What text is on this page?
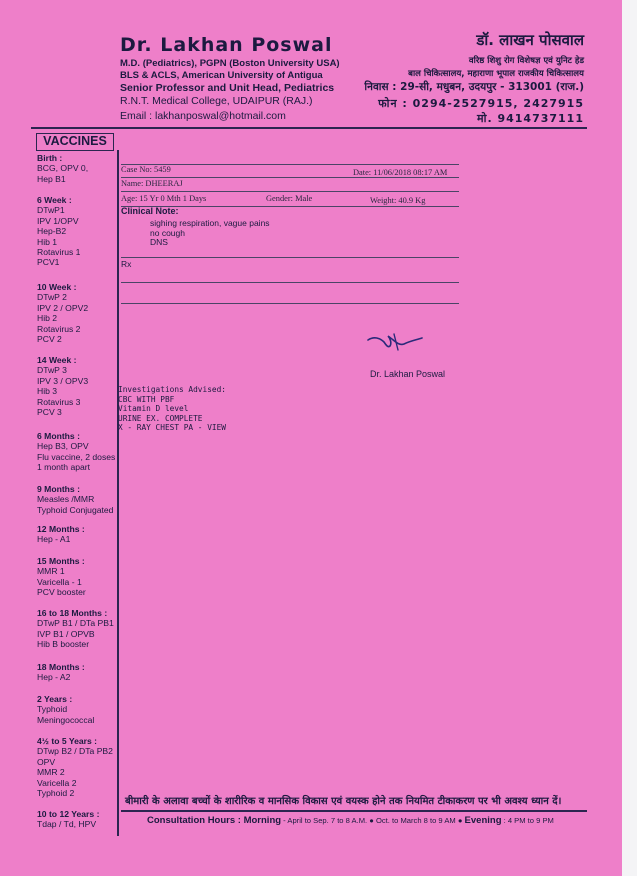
Dr. Lakhan Poswal
M.D. (Pediatrics), PGPN (Boston University USA)
BLS & ACLS, American University of Antigua
Senior Professor and Unit Head, Pediatrics
R.N.T. Medical College, UDAIPUR (RAJ.)
Email : lakhanposwal@hotmail.com
डॉ. लाखन पोसवाल
वरिष्ठ शिशु रोग विशेषज्ञ एवं युनिट हेड
बाल चिकित्सालय, महाराणा भूपाल राजकीय चिकित्सालय
निवास : 29-सी, मधुबन, उदयपुर - 313001 (राज.)
फोन : 0294-2527915, 2427915
मो. 9414737111
VACCINES
Birth :
BCG, OPV 0,
Hep B1
6 Week :
DTwP1
IPV 1/OPV
Hep-B2
Hib 1
Rotavirus 1
PCV1
10 Week :
DTwP 2
IPV 2 / OPV2
Hib 2
Rotavirus 2
PCV 2
14 Week :
DTwP 3
IPV 3 / OPV3
Hib 3
Rotavirus 3
PCV 3
6 Months :
Hep B3, OPV
Flu vaccine, 2 doses
1 month apart
9 Months :
Measles /MMR
Typhoid Conjugated
12 Months :
Hep - A1
15 Months :
MMR 1
Varicella - 1
PCV booster
16 to 18 Months :
DTwP B1 / DTa PB1
IVP B1 / OPVB
Hib B booster
18 Months :
Hep - A2
2 Years :
Typhoid
Meningococcal
4½ to 5 Years :
DTwp B2 / DTa PB2
OPV
MMR 2
Varicella 2
Typhoid 2
10 to 12 Years :
Tdap / Td, HPV
Case No: 5459	Date: 11/06/2018 08:17 AM
Name: DHEERAJ
Age: 15 Yr 0 Mth 1 Days	Gender: Male	Weight: 40.9 Kg
Clinical Note:
sighing respiration, vague pains
no cough
DNS
Rx
Dr. Lakhan Poswal
Investigations Advised:
CBC WITH PBF
Vitamin D level
URINE EX. COMPLETE
X - RAY CHEST PA - VIEW
बीमारी के अलावा बच्चों के शारीरिक व मानसिक विकास एवं वयस्क होने तक नियमित टीकाकरण पर भी अवश्य ध्यान दें।
Consultation Hours : Morning - April to Sep. 7 to 8 A.M. ● Oct. to March 8 to 9 AM ● Evening : 4 PM to 9 PM
